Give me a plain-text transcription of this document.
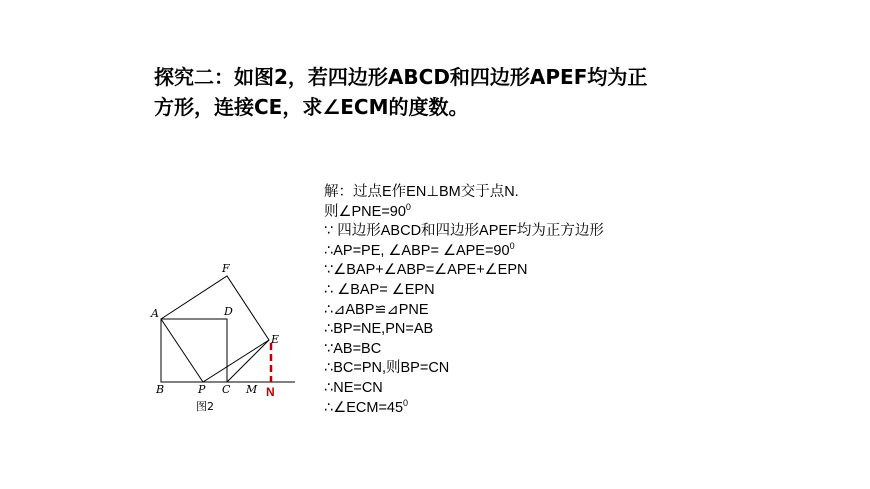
探究二：如图2，若四边形ABCD和四边形APEF均为正
方形，连接CE，求∠ECM的度数。
解：过点E作EN⊥BM交于点N.
则$\angle PNE=90^0$
∵ 四边形ABCD和四边形APEF均为正方边形
∴AP=PE, ∠ABP= $\angle APE=90^0$
∵∠BAP+∠ABP=∠APE+∠EPN
∴ ∠BAP= ∠EPN
∴⊿ABP≌⊿PNE
∴BP=NE,PN=AB
∵AB=BC
∴BC=PN,则BP=CN
∴NE=CN
$\therefore\angle ECM=45^0$
A
B	C
D
E
F
P	M N
图2
